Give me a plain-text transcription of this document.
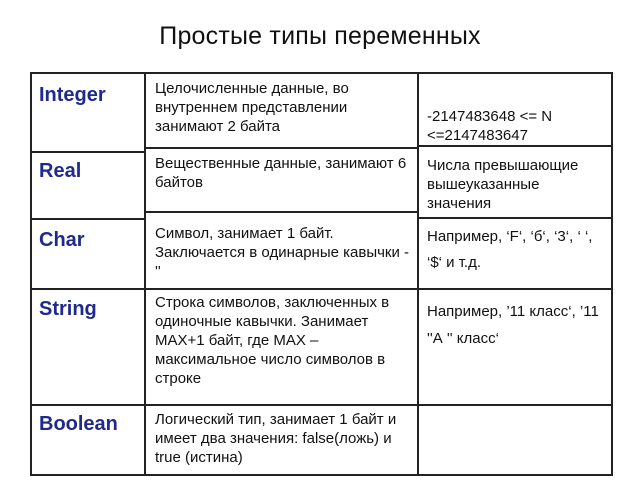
Простые типы переменных
Integer
Real
Char
String
Boolean
Целочисленные данные, во внутреннем представлении занимают 2 байта
Вещественные данные, занимают 6 байтов
Символ, занимает 1 байт. Заключается в одинарные кавычки - ''
Строка символов, заключенных в одиночные кавычки. Занимает MAX+1 байт, где MAX – максимальное число символов в строке
Логический тип, занимает 1 байт и имеет два значения: false(ложь) и true (истина)
-2147483648 <= N <=2147483647
Числа превышающие вышеуказанные значения
Например, ‘F‘, ‘б‘, ‘3‘, ‘ ‘, ‘$‘ и т.д.
Например, ’11 класс‘, ’11 ''А '' класс‘
